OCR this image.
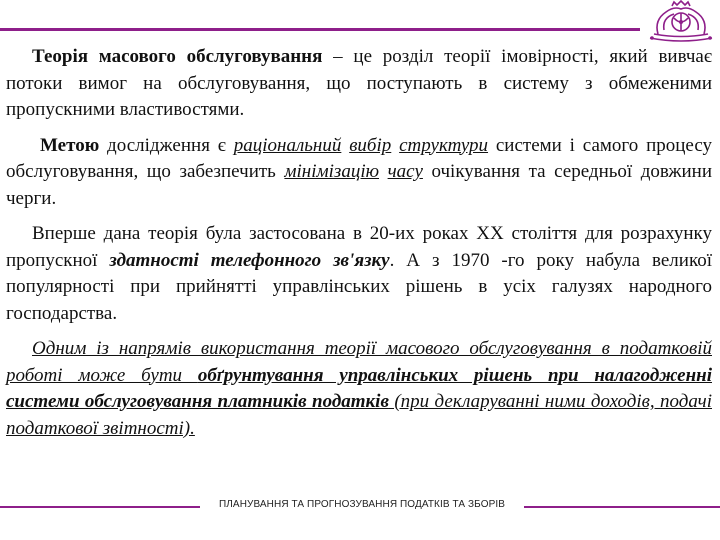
Теорія масового обслуговування – це розділ теорії імовірності, який вивчає потоки вимог на обслуговування, що поступають в систему з обмеженими пропускними властивостями.

Метою дослідження є раціональний вибір структури системи і самого процесу обслуговування, що забезпечить мінімізацію часу очікування та середньої довжини черги.

Вперше дана теорія була застосована в 20-их роках ХХ століття для розрахунку пропускної здатності телефонного зв'язку. А з 1970 -го року набула великої популярності при прийнятті управлінських рішень в усіх галузях народного господарства.

Одним із напрямів використання теорії масового обслуговування в податковій роботі може бути обґрунтування управлінських рішень при налагодженні системи обслуговування платників податків (при декларуванні ними доходів, подачі податкової звітності).

ПЛАНУВАННЯ ТА ПРОГНОЗУВАННЯ ПОДАТКІВ ТА ЗБОРІВ
